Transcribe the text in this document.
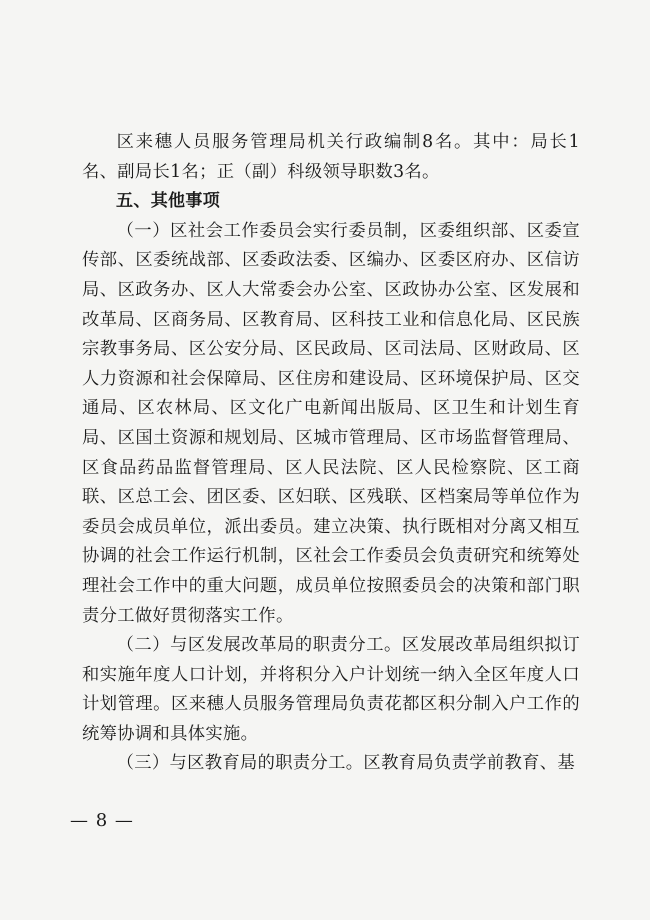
区来穗人员服务管理局机关行政编制8名。其中：局长1名、副局长1名；正（副）科级领导职数3名。

五、其他事项

（一）区社会工作委员会实行委员制，区委组织部、区委宣传部、区委统战部、区委政法委、区编办、区委区府办、区信访局、区政务办、区人大常委会办公室、区政协办公室、区发展和改革局、区商务局、区教育局、区科技工业和信息化局、区民族宗教事务局、区公安分局、区民政局、区司法局、区财政局、区人力资源和社会保障局、区住房和建设局、区环境保护局、区交通局、区农林局、区文化广电新闻出版局、区卫生和计划生育局、区国土资源和规划局、区城市管理局、区市场监督管理局、区食品药品监督管理局、区人民法院、区人民检察院、区工商联、区总工会、团区委、区妇联、区残联、区档案局等单位作为委员会成员单位，派出委员。建立决策、执行既相对分离又相互协调的社会工作运行机制，区社会工作委员会负责研究和统筹处理社会工作中的重大问题，成员单位按照委员会的决策和部门职责分工做好贯彻落实工作。

（二）与区发展改革局的职责分工。区发展改革局组织拟订和实施年度人口计划，并将积分入户计划统一纳入全区年度人口计划管理。区来穗人员服务管理局负责花都区积分制入户工作的统筹协调和具体实施。

（三）与区教育局的职责分工。区教育局负责学前教育、基

— 8 —
